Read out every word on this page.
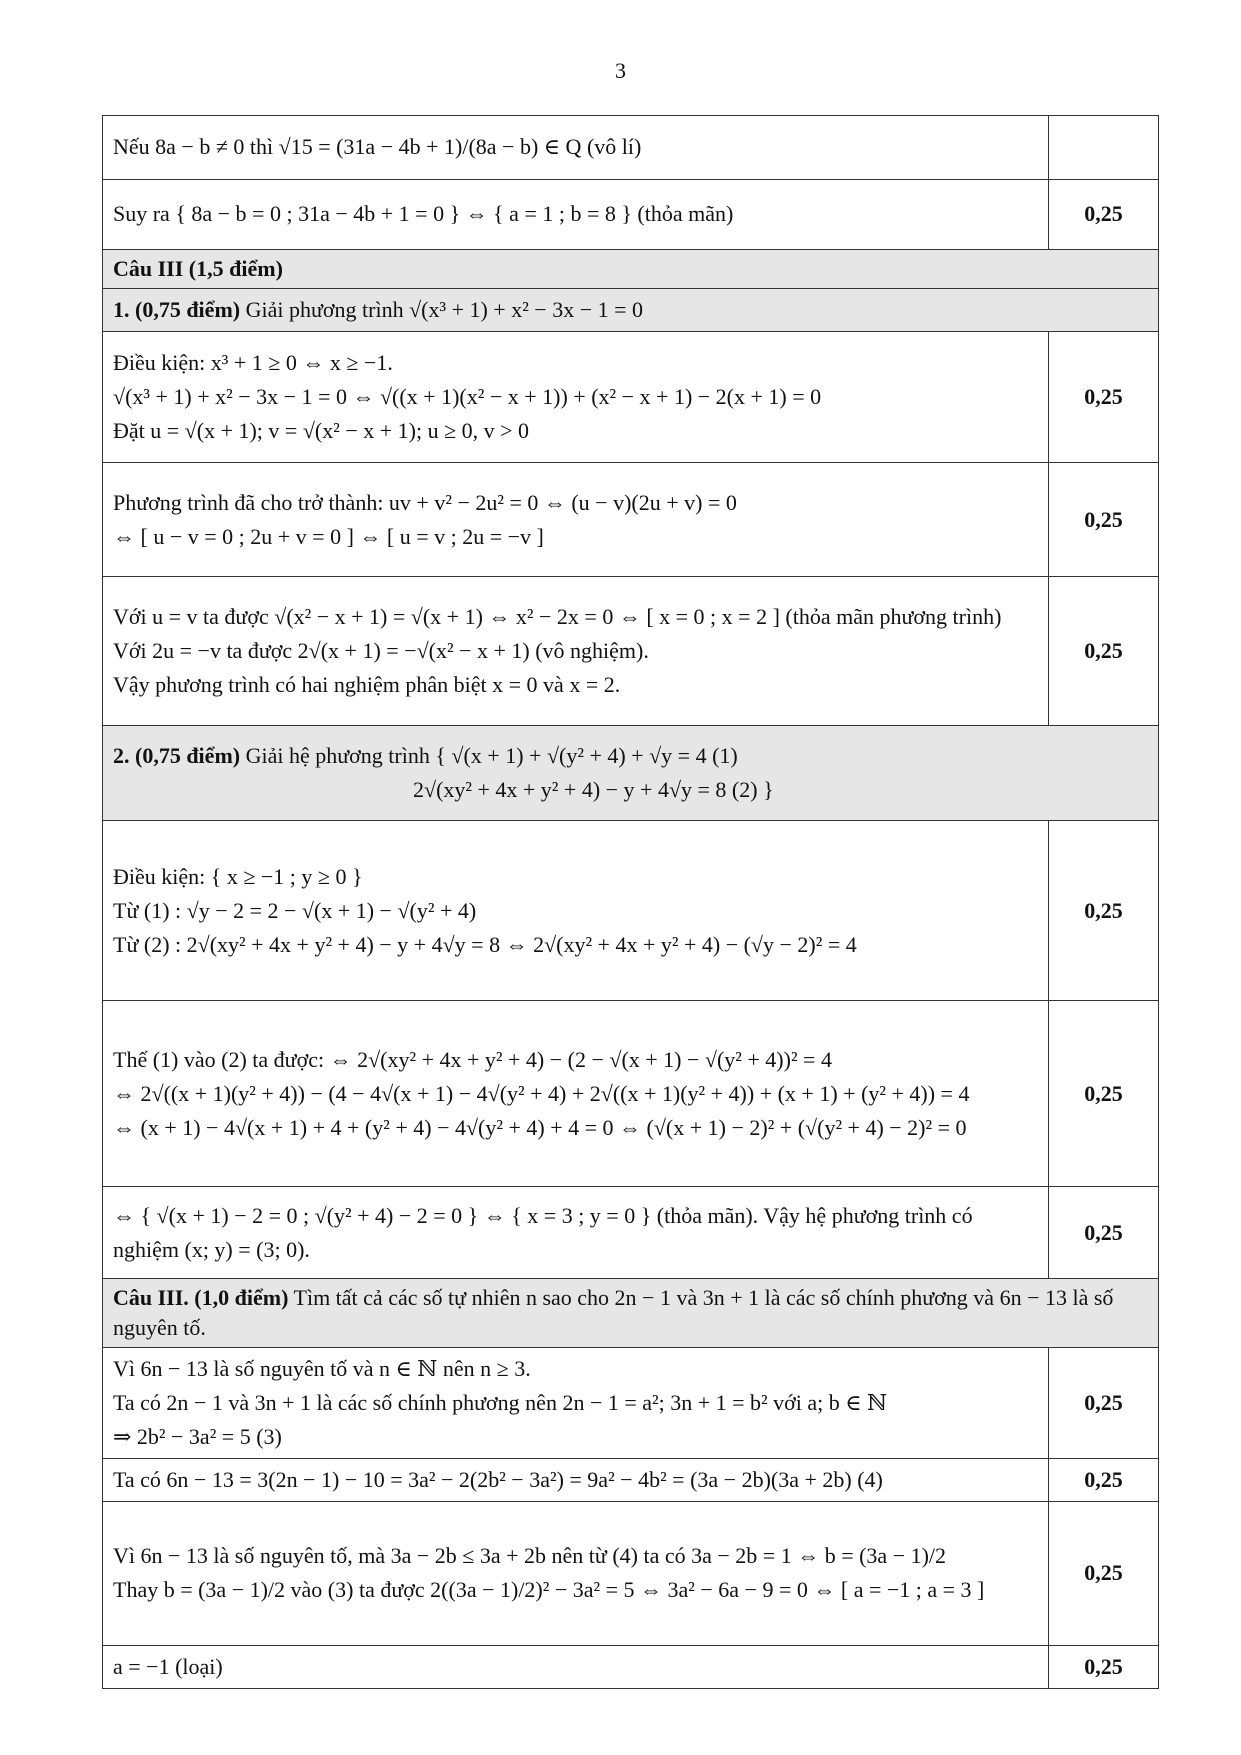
3
Nếu 8a − b ≠ 0 thì √15 = (31a − 4b + 1)/(8a − b) ∈ Q (vô lí)	

Suy ra { 8a − b = 0 ; 31a − 4b + 1 = 0 } ⇔ { a = 1 ; b = 8 } (thỏa mãn)	0,25
Câu III (1,5 điểm)	
1. (0,75 điểm) Giải phương trình √(x³ + 1) + x² − 3x − 1 = 0	

Điều kiện: x³ + 1 ≥ 0 ⇔ x ≥ −1.
√(x³ + 1) + x² − 3x − 1 = 0 ⇔ √((x + 1)(x² − x + 1)) + (x² − x + 1) − 2(x + 1) = 0
Đặt u = √(x + 1); v = √(x² − x + 1); u ≥ 0, v > 0	0,25

Phương trình đã cho trở thành: uv + v² − 2u² = 0 ⇔ (u − v)(2u + v) = 0
⇔ [ u − v = 0 ; 2u + v = 0 ] ⇔ [ u = v ; 2u = −v ]	0,25

Với u = v ta được √(x² − x + 1) = √(x + 1) ⇔ x² − 2x = 0 ⇔ [ x = 0 ; x = 2 ] (thỏa mãn phương trình)
Với 2u = −v ta được 2√(x + 1) = −√(x² − x + 1) (vô nghiệm).
Vậy phương trình có hai nghiệm phân biệt x = 0 và x = 2.	0,25
2. (0,75 điểm) Giải hệ phương trình { √(x + 1) + √(y² + 4) + √y = 4 (1)
2√(xy² + 4x + y² + 4) − y + 4√y = 8 (2) }	

Điều kiện: { x ≥ −1 ; y ≥ 0 }
Từ (1) : √y − 2 = 2 − √(x + 1) − √(y² + 4)
Từ (2) : 2√(xy² + 4x + y² + 4) − y + 4√y = 8 ⇔ 2√(xy² + 4x + y² + 4) − (√y − 2)² = 4	0,25

Thế (1) vào (2) ta được: ⇔ 2√(xy² + 4x + y² + 4) − (2 − √(x + 1) − √(y² + 4))² = 4
⇔ 2√((x + 1)(y² + 4)) − (4 − 4√(x + 1) − 4√(y² + 4) + 2√((x + 1)(y² + 4)) + (x + 1) + (y² + 4)) = 4
⇔ (x + 1) − 4√(x + 1) + 4 + (y² + 4) − 4√(y² + 4) + 4 = 0 ⇔ (√(x + 1) − 2)² + (√(y² + 4) − 2)² = 0	0,25

⇔ { √(x + 1) − 2 = 0 ; √(y² + 4) − 2 = 0 } ⇔ { x = 3 ; y = 0 } (thỏa mãn). Vậy hệ phương trình có nghiệm (x; y) = (3; 0).	0,25
Câu III. (1,0 điểm) Tìm tất cả các số tự nhiên n sao cho 2n − 1 và 3n + 1 là các số chính phương và 6n − 13 là số nguyên tố.	

Vì 6n − 13 là số nguyên tố và n ∈ ℕ nên n ≥ 3.
Ta có 2n − 1 và 3n + 1 là các số chính phương nên 2n − 1 = a²; 3n + 1 = b² với a; b ∈ ℕ
⇒ 2b² − 3a² = 5 (3)	0,25

Ta có 6n − 13 = 3(2n − 1) − 10 = 3a² − 2(2b² − 3a²) = 9a² − 4b² = (3a − 2b)(3a + 2b) (4)	0,25

Vì 6n − 13 là số nguyên tố, mà 3a − 2b ≤ 3a + 2b nên từ (4) ta có 3a − 2b = 1 ⇔ b = (3a − 1)/2
Thay b = (3a − 1)/2 vào (3) ta được 2((3a − 1)/2)² − 3a² = 5 ⇔ 3a² − 6a − 9 = 0 ⇔ [ a = −1 ; a = 3 ]	0,25

a = −1 (loại)	0,25
